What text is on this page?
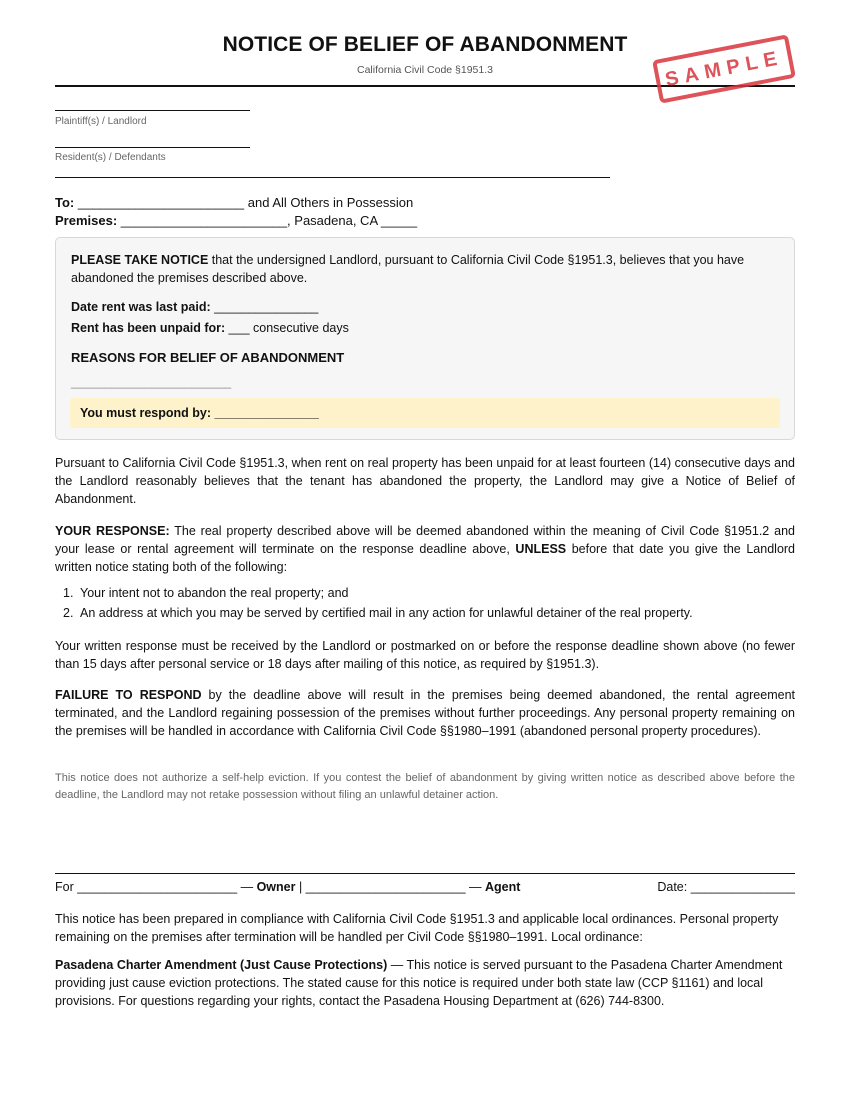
NOTICE OF BELIEF OF ABANDONMENT
California Civil Code §1951.3	SAMPLE
Plaintiff(s) / Landlord
Resident(s) / Defendants
To: _______________________ and All Others in Possession
Premises: _______________________, Pasadena, CA _____
PLEASE TAKE NOTICE that the undersigned Landlord, pursuant to California Civil Code §1951.3, believes that you have abandoned the premises described above.
Date rent was last paid: _______________
Rent has been unpaid for: ___ consecutive days
REASONS FOR BELIEF OF ABANDONMENT
________________________
You must respond by: _______________
Pursuant to California Civil Code §1951.3, when rent on real property has been unpaid for at least fourteen (14) consecutive days and the Landlord reasonably believes that the tenant has abandoned the property, the Landlord may give a Notice of Belief of Abandonment.
YOUR RESPONSE: The real property described above will be deemed abandoned within the meaning of Civil Code §1951.2 and your lease or rental agreement will terminate on the response deadline above, UNLESS before that date you give the Landlord written notice stating both of the following:
1. Your intent not to abandon the real property; and
2. An address at which you may be served by certified mail in any action for unlawful detainer of the real property.
Your written response must be received by the Landlord or postmarked on or before the response deadline shown above (no fewer than 15 days after personal service or 18 days after mailing of this notice, as required by §1951.3).
FAILURE TO RESPOND by the deadline above will result in the premises being deemed abandoned, the rental agreement terminated, and the Landlord regaining possession of the premises without further proceedings. Any personal property remaining on the premises will be handled in accordance with California Civil Code §§1980–1991 (abandoned personal property procedures).
This notice does not authorize a self-help eviction. If you contest the belief of abandonment by giving written notice as described above before the deadline, the Landlord may not retake possession without filing an unlawful detainer action.
For _______________________ — Owner | _______________________ — Agent	Date: _______________
This notice has been prepared in compliance with California Civil Code §1951.3 and applicable local ordinances. Personal property remaining on the premises after termination will be handled per Civil Code §§1980–1991. Local ordinance:
Pasadena Charter Amendment (Just Cause Protections) — This notice is served pursuant to the Pasadena Charter Amendment providing just cause eviction protections. The stated cause for this notice is required under both state law (CCP §1161) and local provisions. For questions regarding your rights, contact the Pasadena Housing Department at (626) 744-8300.
